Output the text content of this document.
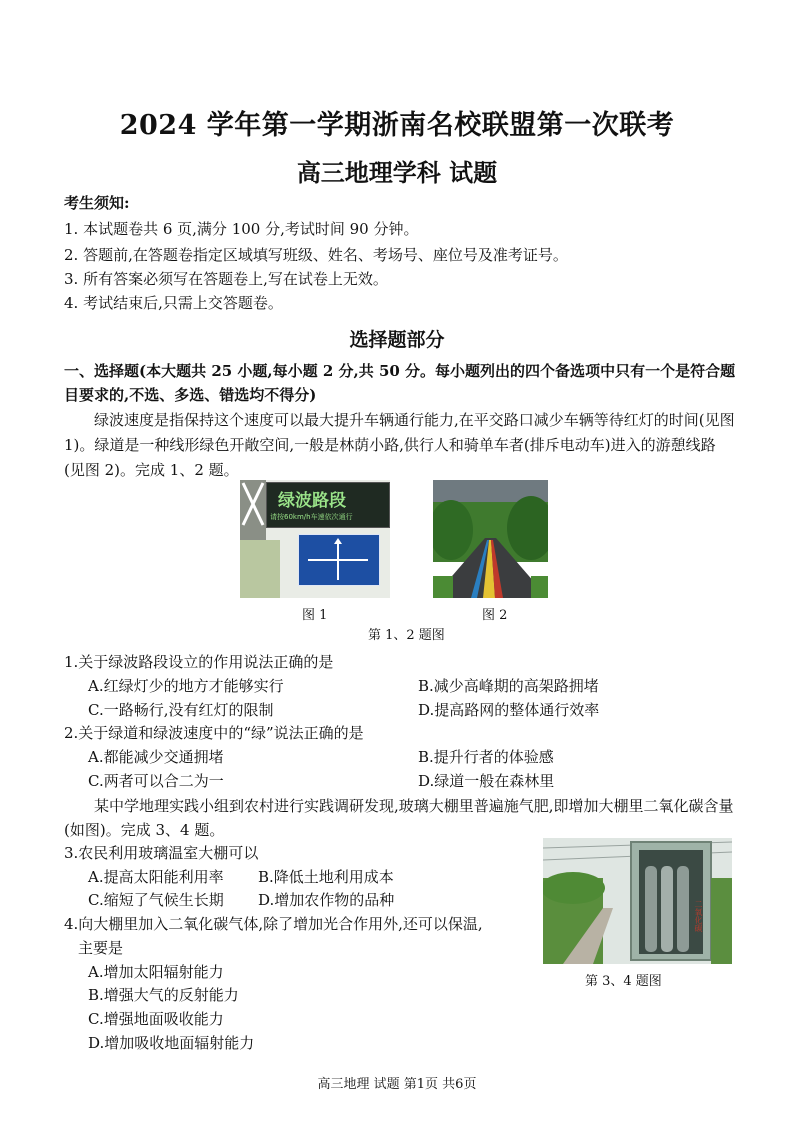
2024 学年第一学期浙南名校联盟第一次联考
高三地理学科 试题
考生须知:
1. 本试题卷共 6 页,满分 100 分,考试时间 90 分钟。
2. 答题前,在答题卷指定区域填写班级、姓名、考场号、座位号及准考证号。
3. 所有答案必须写在答题卷上,写在试卷上无效。
4. 考试结束后,只需上交答题卷。
选择题部分
一、选择题(本大题共 25 小题,每小题 2 分,共 50 分。每小题列出的四个备选项中只有一个是符合题目要求的,不选、多选、错选均不得分)
绿波速度是指保持这个速度可以最大提升车辆通行能力,在平交路口减少车辆等待红灯的时间(见图 1)。绿道是一种线形绿色开敞空间,一般是林荫小路,供行人和骑单车者(排斥电动车)进入的游憩线路(见图 2)。完成 1、2 题。
绿波路段
请按60km/h车速依次通行
图 1	图 2
第 1、2 题图
1.关于绿波路段设立的作用说法正确的是
A.红绿灯少的地方才能够实行	B.减少高峰期的高架路拥堵
C.一路畅行,没有红灯的限制	D.提高路网的整体通行效率
2.关于绿道和绿波速度中的“绿”说法正确的是
A.都能减少交通拥堵	B.提升行者的体验感
C.两者可以合二为一	D.绿道一般在森林里
某中学地理实践小组到农村进行实践调研发现,玻璃大棚里普遍施气肥,即增加大棚里二氧化碳含量(如图)。完成 3、4 题。
3.农民利用玻璃温室大棚可以
A.提高太阳能利用率 B.降低土地利用成本
C.缩短了气候生长期 D.增加农作物的品种
4.向大棚里加入二氧化碳气体,除了增加光合作用外,还可以保温,
主要是
A.增加太阳辐射能力
B.增强大气的反射能力
C.增强地面吸收能力
D.增加吸收地面辐射能力
二氧化碳
第 3、4 题图
高三地理 试题 第1页 共6页
